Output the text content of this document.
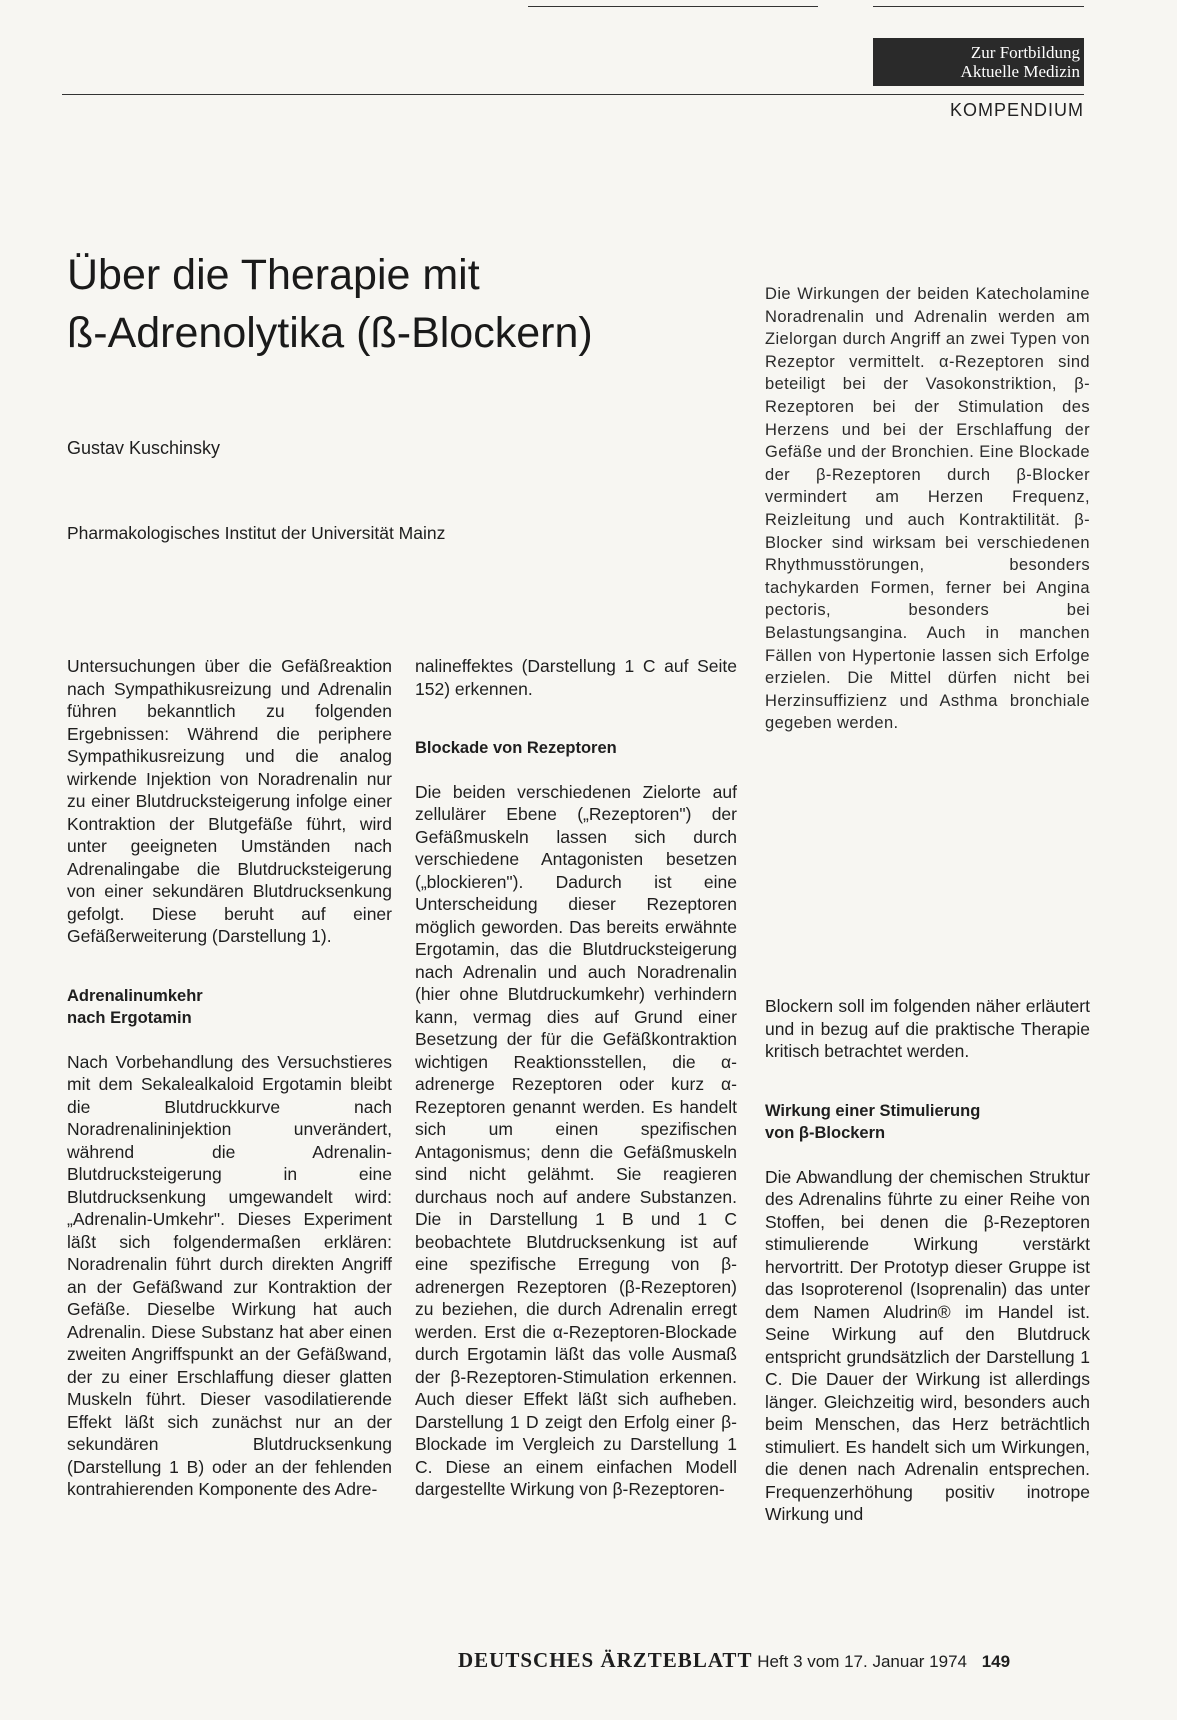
Zur Fortbildung
Aktuelle Medizin
KOMPENDIUM
Über die Therapie mit
ß-Adrenolytika (ß-Blockern)
Gustav Kuschinsky
Pharmakologisches Institut der Universität Mainz

Untersuchungen über die Gefäßreaktion nach Sympathikusreizung und Adrenalin führen bekanntlich zu folgenden Ergebnissen: Während die periphere Sympathikusreizung und die analog wirkende Injektion von Noradrenalin nur zu einer Blutdrucksteigerung infolge einer Kontraktion der Blutgefäße führt, wird unter geeigneten Umständen nach Adrenalingabe die Blutdrucksteigerung von einer sekundären Blutdrucksenkung gefolgt. Diese beruht auf einer Gefäßerweiterung (Darstellung 1).

Adrenalinumkehr
nach Ergotamin

Nach Vorbehandlung des Versuchstieres mit dem Sekalealkaloid Ergotamin bleibt die Blutdruckkurve nach Noradrenalininjektion unverändert, während die Adrenalin-Blutdrucksteigerung in eine Blutdrucksenkung umgewandelt wird: „Adrenalin-Umkehr". Dieses Experiment läßt sich folgendermaßen erklären: Noradrenalin führt durch direkten Angriff an der Gefäßwand zur Kontraktion der Gefäße. Dieselbe Wirkung hat auch Adrenalin. Diese Substanz hat aber einen zweiten Angriffspunkt an der Gefäßwand, der zu einer Erschlaffung dieser glatten Muskeln führt. Dieser vasodilatierende Effekt läßt sich zunächst nur an der sekundären Blutdrucksenkung (Darstellung 1 B) oder an der fehlenden kontrahierenden Komponente des Adre-

nalineffektes (Darstellung 1 C auf Seite 152) erkennen.

Blockade von Rezeptoren

Die beiden verschiedenen Zielorte auf zellulärer Ebene („Rezeptoren") der Gefäßmuskeln lassen sich durch verschiedene Antagonisten besetzen („blockieren"). Dadurch ist eine Unterscheidung dieser Rezeptoren möglich geworden. Das bereits erwähnte Ergotamin, das die Blutdrucksteigerung nach Adrenalin und auch Noradrenalin (hier ohne Blutdruckumkehr) verhindern kann, vermag dies auf Grund einer Besetzung der für die Gefäßkontraktion wichtigen Reaktionsstellen, die α-adrenerge Rezeptoren oder kurz α-Rezeptoren genannt werden. Es handelt sich um einen spezifischen Antagonismus; denn die Gefäßmuskeln sind nicht gelähmt. Sie reagieren durchaus noch auf andere Substanzen. Die in Darstellung 1 B und 1 C beobachtete Blutdrucksenkung ist auf eine spezifische Erregung von β-adrenergen Rezeptoren (β-Rezeptoren) zu beziehen, die durch Adrenalin erregt werden. Erst die α-Rezeptoren-Blockade durch Ergotamin läßt das volle Ausmaß der β-Rezeptoren-Stimulation erkennen. Auch dieser Effekt läßt sich aufheben. Darstellung 1 D zeigt den Erfolg einer β-Blockade im Vergleich zu Darstellung 1 C. Diese an einem einfachen Modell dargestellte Wirkung von β-Rezeptoren-

Die Wirkungen der beiden Katecholamine Noradrenalin und Adrenalin werden am Zielorgan durch Angriff an zwei Typen von Rezeptor vermittelt. α-Rezeptoren sind beteiligt bei der Vasokonstriktion, β-Rezeptoren bei der Stimulation des Herzens und bei der Erschlaffung der Gefäße und der Bronchien. Eine Blockade der β-Rezeptoren durch β-Blocker vermindert am Herzen Frequenz, Reizleitung und auch Kontraktilität. β-Blocker sind wirksam bei verschiedenen Rhythmusstörungen, besonders tachykarden Formen, ferner bei Angina pectoris, besonders bei Belastungsangina. Auch in manchen Fällen von Hypertonie lassen sich Erfolge erzielen. Die Mittel dürfen nicht bei Herzinsuffizienz und Asthma bronchiale gegeben werden.

Blockern soll im folgenden näher erläutert und in bezug auf die praktische Therapie kritisch betrachtet werden.

Wirkung einer Stimulierung
von β-Blockern

Die Abwandlung der chemischen Struktur des Adrenalins führte zu einer Reihe von Stoffen, bei denen die β-Rezeptoren stimulierende Wirkung verstärkt hervortritt. Der Prototyp dieser Gruppe ist das Isoproterenol (Isoprenalin) das unter dem Namen Aludrin® im Handel ist. Seine Wirkung auf den Blutdruck entspricht grundsätzlich der Darstellung 1 C. Die Dauer der Wirkung ist allerdings länger. Gleichzeitig wird, besonders auch beim Menschen, das Herz beträchtlich stimuliert. Es handelt sich um Wirkungen, die denen nach Adrenalin entsprechen. Frequenzerhöhung positiv inotrope Wirkung und

DEUTSCHES ÄRZTEBLATT Heft 3 vom 17. Januar 1974 149
